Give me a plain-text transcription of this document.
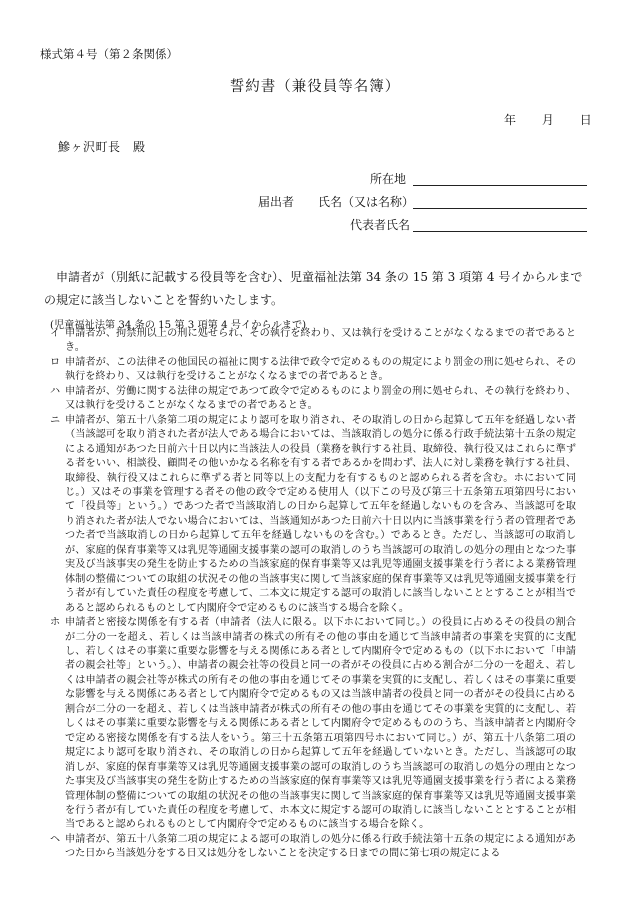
様式第４号（第２条関係）
誓約書（兼役員等名簿）
年 月 日
鰺ヶ沢町長　殿
所在地
届出者 氏名（又は名称）
代表者氏名
申請者が（別紙に記載する役員等を含む）、児童福祉法第 34 条の 15 第 3 項第 4 号イからルまでの規定に該当しないことを誓約いたします。
(児童福祉法第 34 条の 15 第 3 項第 4 号イからルまで)
イ 申請者が、拘禁刑以上の刑に処せられ、その執行を終わり、又は執行を受けることがなくなるまでの者であるとき。
ロ 申請者が、この法律その他国民の福祉に関する法律で政令で定めるものの規定により罰金の刑に処せられ、その執行を終わり、又は執行を受けることがなくなるまでの者であるとき。
ハ 申請者が、労働に関する法律の規定であつて政令で定めるものにより罰金の刑に処せられ、その執行を終わり、又は執行を受けることがなくなるまでの者であるとき。
ニ 申請者が、第五十八条第二項の規定により認可を取り消され、その取消しの日から起算して五年を経過しない者（当該認可を取り消された者が法人である場合においては、当該取消しの処分に係る行政手続法第十五条の規定による通知があつた日前六十日以内に当該法人の役員（業務を執行する社員、取締役、執行役又はこれらに準ずる者をいい、相談役、顧問その他いかなる名称を有する者であるかを問わず、法人に対し業務を執行する社員、取締役、執行役又はこれらに準ずる者と同等以上の支配力を有するものと認められる者を含む。ホにおいて同じ。）又はその事業を管理する者その他の政令で定める使用人（以下この号及び第三十五条第五項第四号において「役員等」という。）であつた者で当該取消しの日から起算して五年を経過しないものを含み、当該認可を取り消された者が法人でない場合においては、当該通知があつた日前六十日以内に当該事業を行う者の管理者であつた者で当該取消しの日から起算して五年を経過しないものを含む。）であるとき。ただし、当該認可の取消しが、家庭的保育事業等又は乳児等通園支援事業の認可の取消しのうち当該認可の取消しの処分の理由となつた事実及び当該事実の発生を防止するための当該家庭的保育事業等又は乳児等通園支援事業を行う者による業務管理体制の整備についての取組の状況その他の当該事実に関して当該家庭的保育事業等又は乳児等通園支援事業を行う者が有していた責任の程度を考慮して、二本文に規定する認可の取消しに該当しないこととすることが相当であると認められるものとして内閣府令で定めるものに該当する場合を除く。
ホ 申請者と密接な関係を有する者（申請者（法人に限る。以下ホにおいて同じ。）の役員に占めるその役員の割合が二分の一を超え、若しくは当該申請者の株式の所有その他の事由を通じて当該申請者の事業を実質的に支配し、若しくはその事業に重要な影響を与える関係にある者として内閣府令で定めるもの（以下ホにおいて「申請者の親会社等」という。）、申請者の親会社等の役員と同一の者がその役員に占める割合が二分の一を超え、若しくは申請者の親会社等が株式の所有その他の事由を通じてその事業を実質的に支配し、若しくはその事業に重要な影響を与える関係にある者として内閣府令で定めるもの又は当該申請者の役員と同一の者がその役員に占める割合が二分の一を超え、若しくは当該申請者が株式の所有その他の事由を通じてその事業を実質的に支配し、若しくはその事業に重要な影響を与える関係にある者として内閣府令で定めるもののうち、当該申請者と内閣府令で定める密接な関係を有する法人をいう。第三十五条第五項第四号ホにおいて同じ。）が、第五十八条第二項の規定により認可を取り消され、その取消しの日から起算して五年を経過していないとき。ただし、当該認可の取消しが、家庭的保育事業等又は乳児等通園支援事業の認可の取消しのうち当該認可の取消しの処分の理由となつた事実及び当該事実の発生を防止するための当該家庭的保育事業等又は乳児等通園支援事業を行う者による業務管理体制の整備についての取組の状況その他の当該事実に関して当該家庭的保育事業等又は乳児等通園支援事業を行う者が有していた責任の程度を考慮して、ホ本文に規定する認可の取消しに該当しないこととすることが相当であると認められるものとして内閣府令で定めるものに該当する場合を除く。
ヘ 申請者が、第五十八条第二項の規定による認可の取消しの処分に係る行政手続法第十五条の規定による通知があつた日から当該処分をする日又は処分をしないことを決定する日までの間に第七項の規定による
